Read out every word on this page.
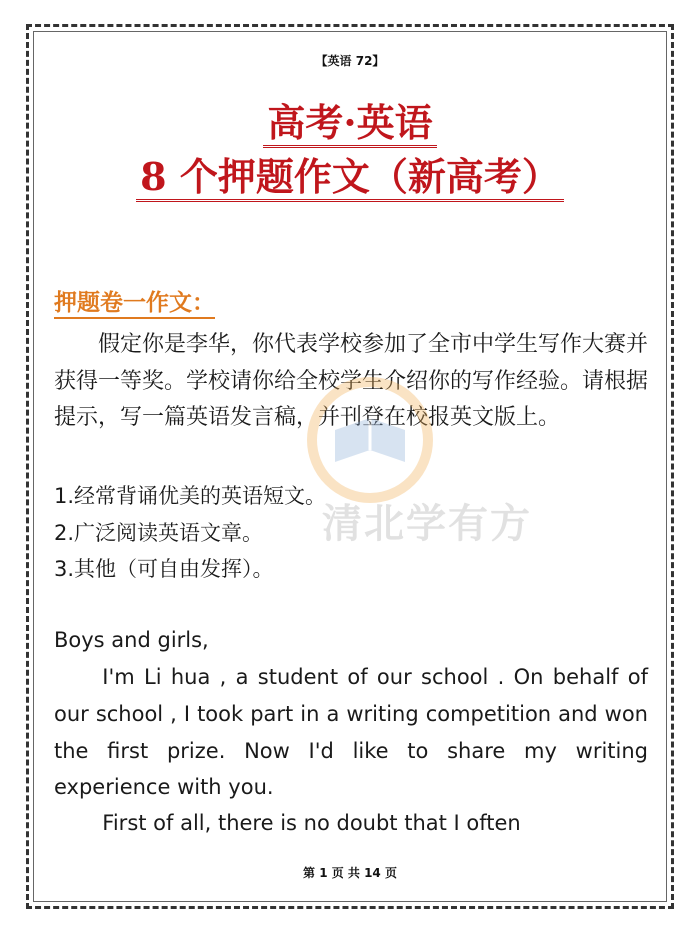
【英语 72】
高考·英语
8 个押题作文（新高考）
押题卷一作文：
假定你是李华，你代表学校参加了全市中学生写作大赛并获得一等奖。学校请你给全校学生介绍你的写作经验。请根据提示，写一篇英语发言稿，并刊登在校报英文版上。
1.经常背诵优美的英语短文。
2.广泛阅读英语文章。
3.其他（可自由发挥）。
清北学有方
Boys and girls,
I'm Li hua , a student of our school . On behalf of our school , I took part in a writing competition and won the first prize. Now I'd like to share my writing experience with you.
First of all, there is no doubt that I often
第 1 页 共 14 页
